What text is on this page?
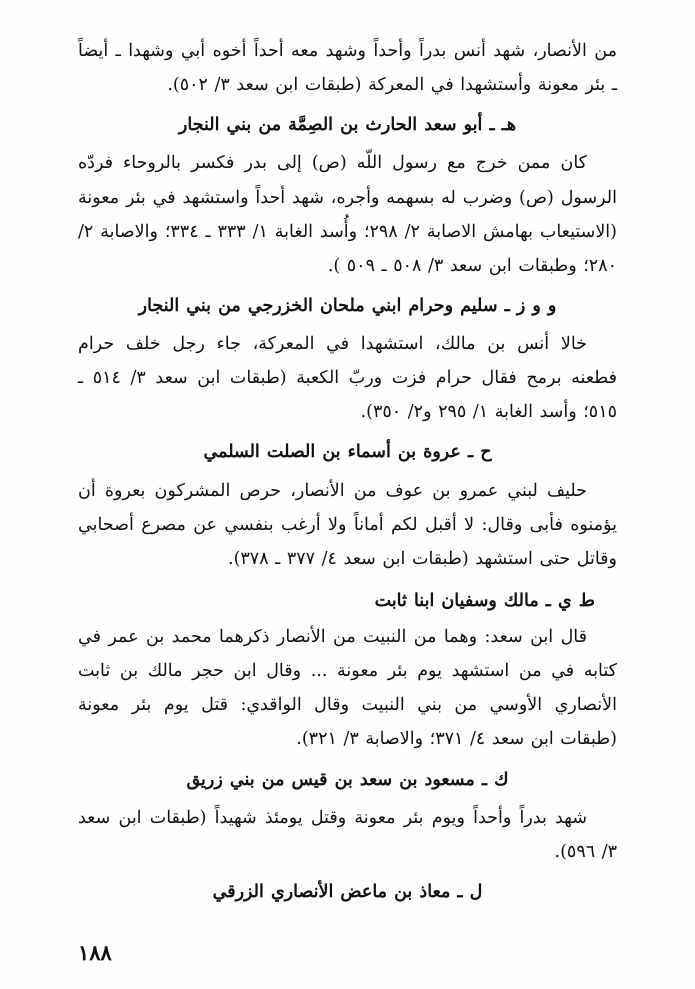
من الأنصار، شهد أنس بدراً وأحداً وشهد معه أحداً أخوه أبي وشهدا ـ أيضاً ـ بئر معونة وأستشهدا في المعركة (طبقات ابن سعد ٣/ ٥٠٢).

هـ ـ أبو سعد الحارث بن الصِمَّة من بني النجار

كان ممن خرج مع رسول اللّه (ص) إلى بدر فكسر بالروحاء فردّه الرسول (ص) وضرب له بسهمه وأجره، شهد أحداً واستشهد في بئر معونة (الاستيعاب بهامش الاصابة ٢/ ٢٩٨؛ وأُسد الغابة ١/ ٣٣٣ ـ ٣٣٤؛ والاصابة ٢/ ٢٨٠؛ وطبقات ابن سعد ٣/ ٥٠٨ ـ ٥٠٩ ).

و و ز ـ سليم وحرام ابني ملحان الخزرجي من بني النجار

خالا أنس بن مالك، استشهدا في المعركة، جاء رجل خلف حرام فطعنه برمح فقال حرام فزت وربّ الكعبة (طبقات ابن سعد ٣/ ٥١٤ ـ ٥١٥؛ وأسد الغابة ١/ ٢٩٥ و٢/ ٣٥٠).

ح ـ عروة بن أسماء بن الصلت السلمي

حليف لبني عمرو بن عوف من الأنصار، حرص المشركون بعروة أن يؤمنوه فأبى وقال: لا أقبل لكم أماناً ولا أرغب بنفسي عن مصرع أصحابي وقاتل حتى استشهد (طبقات ابن سعد ٤/ ٣٧٧ ـ ٣٧٨).

ط ي ـ مالك وسفيان ابنا ثابت

قال ابن سعد: وهما من النبيت من الأنصار ذكرهما محمد بن عمر في كتابه في من استشهد يوم بئر معونة ... وقال ابن حجر مالك بن ثابت الأنصاري الأوسي من بني النبيت وقال الواقدي: قتل يوم بئر معونة (طبقات ابن سعد ٤/ ٣٧١؛ والاصابة ٣/ ٣٢١).

ك ـ مسعود بن سعد بن قيس من بني زريق

شهد بدراً وأحداً ويوم بئر معونة وقتل يومئذ شهيداً (طبقات ابن سعد ٣/ ٥٩٦).

ل ـ معاذ بن ماعض الأنصاري الزرقي

١٨٨
